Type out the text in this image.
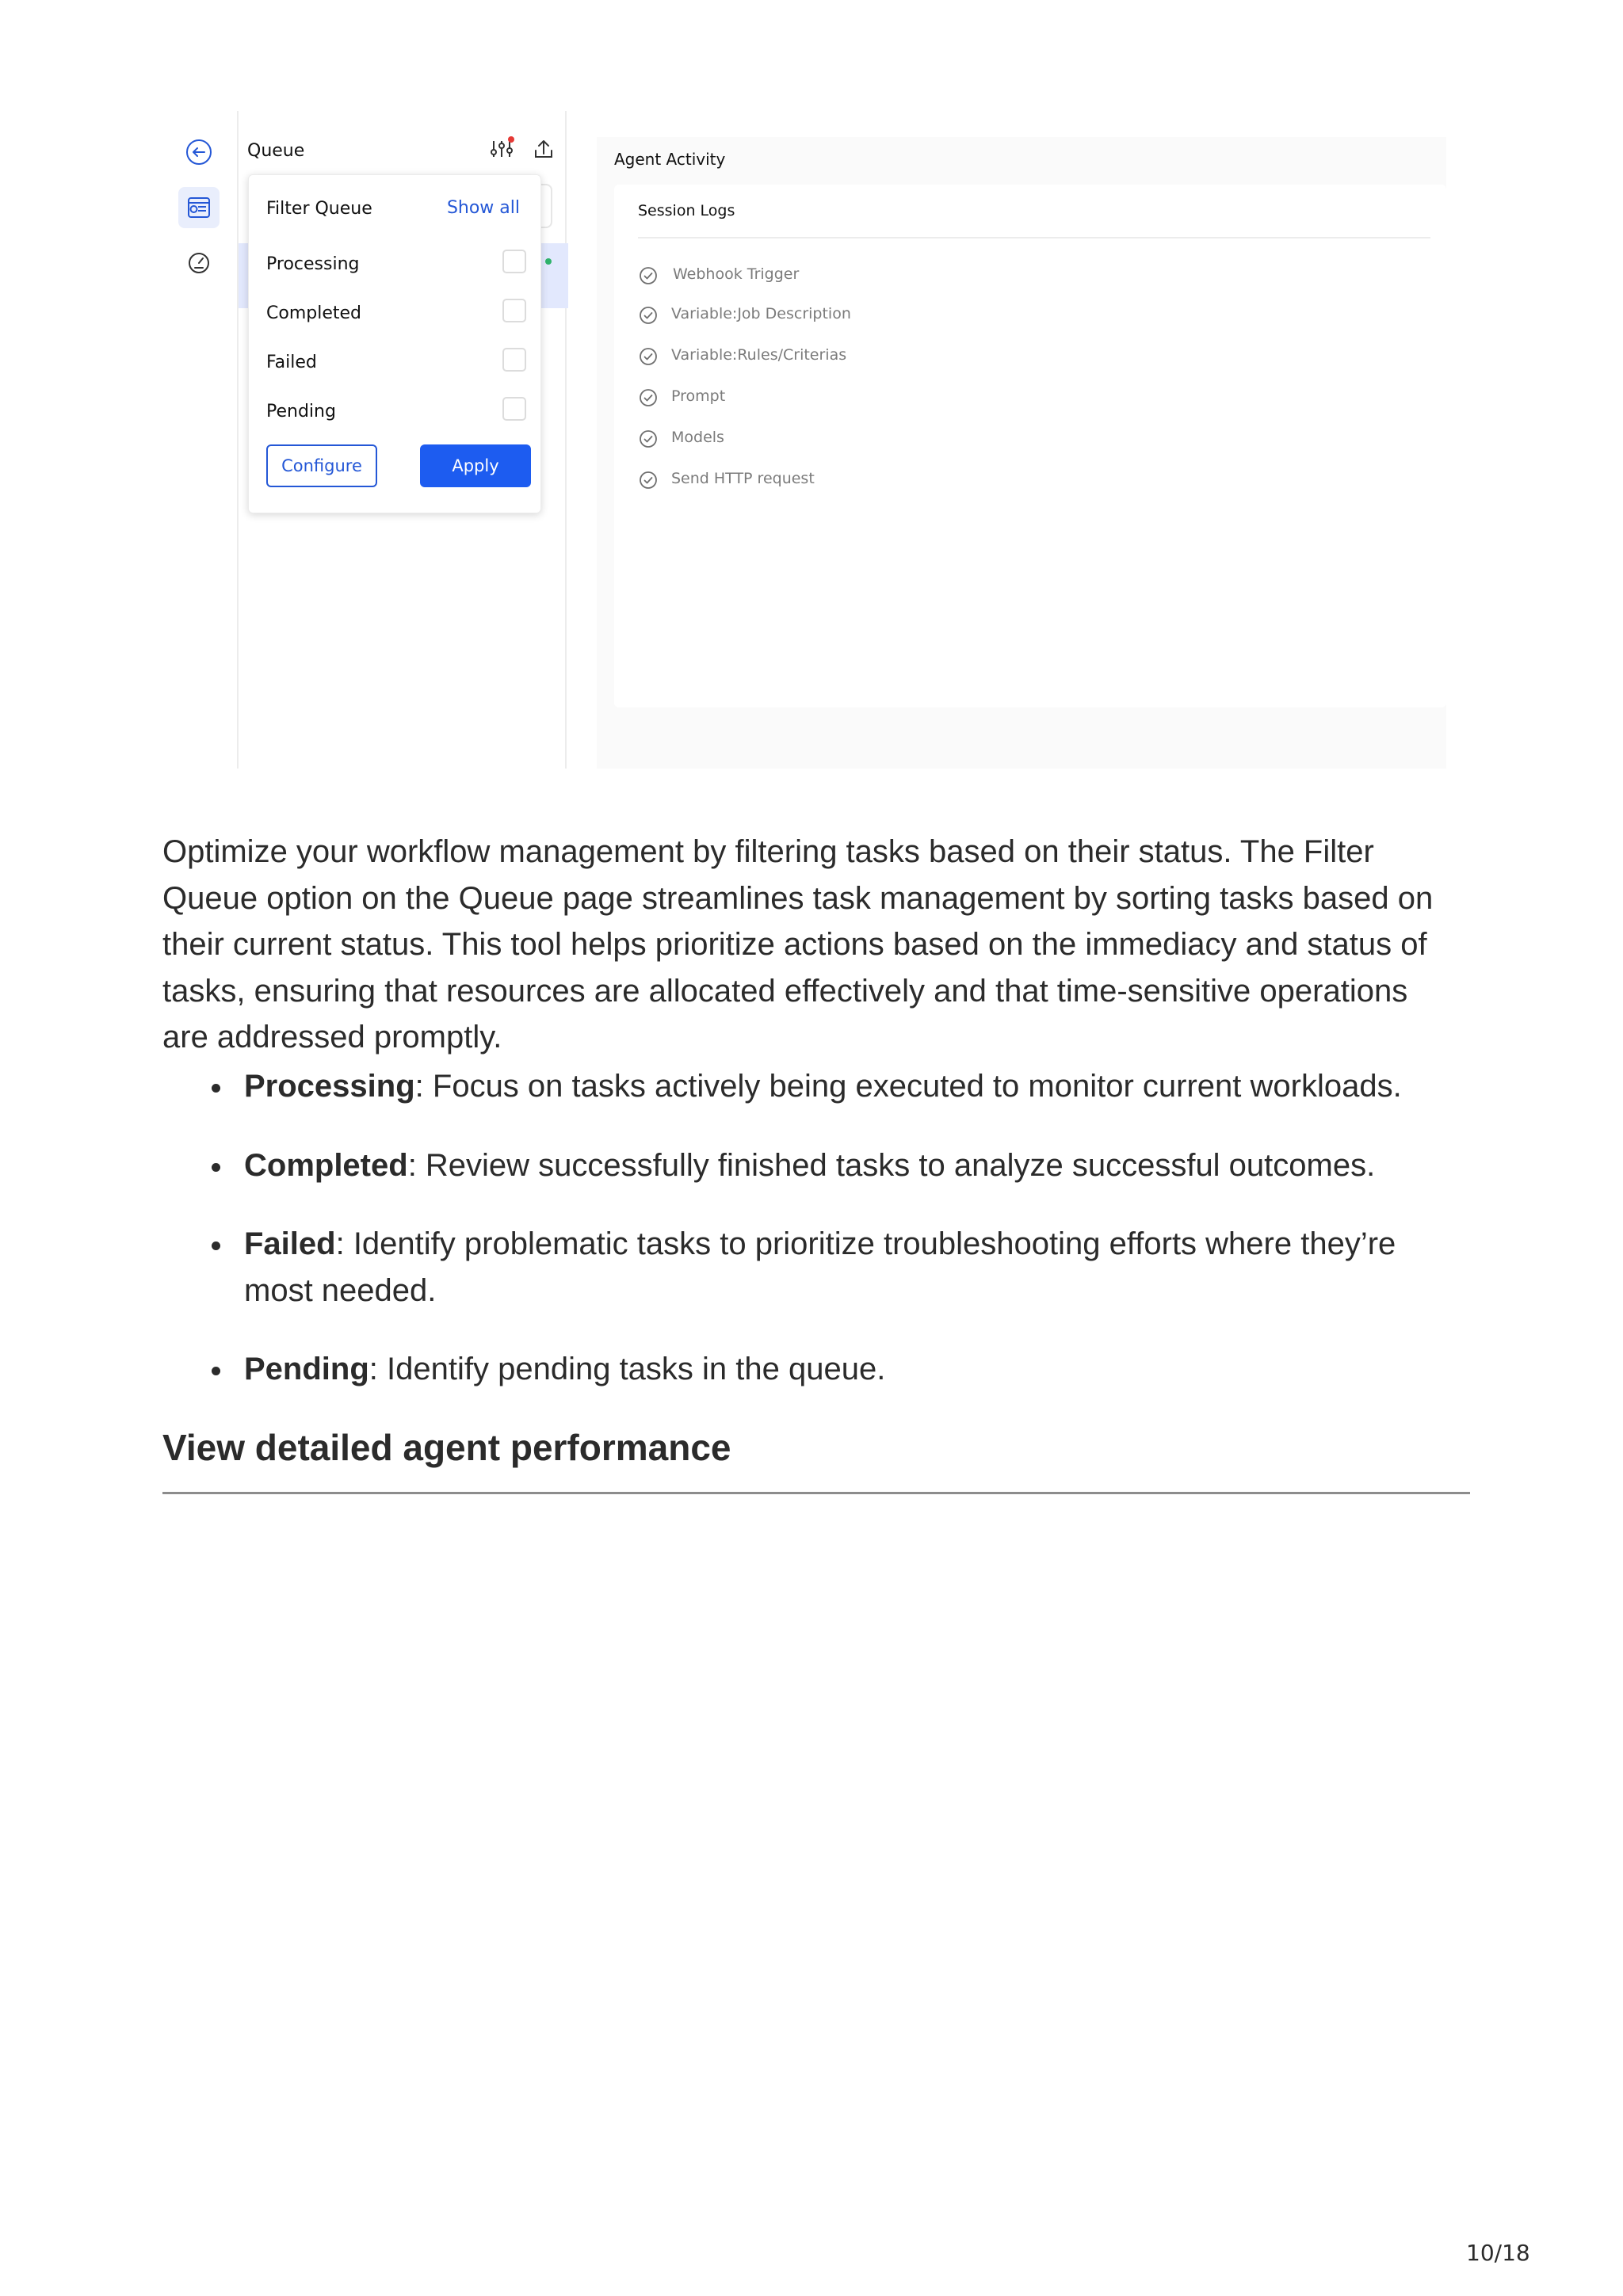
Queue
Filter Queue	Show all
Processing
Completed
Failed
Pending
Configure	Apply
Agent Activity
Session Logs
Webhook Trigger
Variable:Job Description
Variable:Rules/Criterias
Prompt
Models
Send HTTP request

Optimize your workflow management by filtering tasks based on their status. The Filter Queue option on the Queue page streamlines task management by sorting tasks based on their current status. This tool helps prioritize actions based on the immediacy and status of tasks, ensuring that resources are allocated effectively and that time-sensitive operations are addressed promptly.

Processing: Focus on tasks actively being executed to monitor current workloads.
Completed: Review successfully finished tasks to analyze successful outcomes.
Failed: Identify problematic tasks to prioritize troubleshooting efforts where they’re most needed.
Pending: Identify pending tasks in the queue.
View detailed agent performance
10/18
